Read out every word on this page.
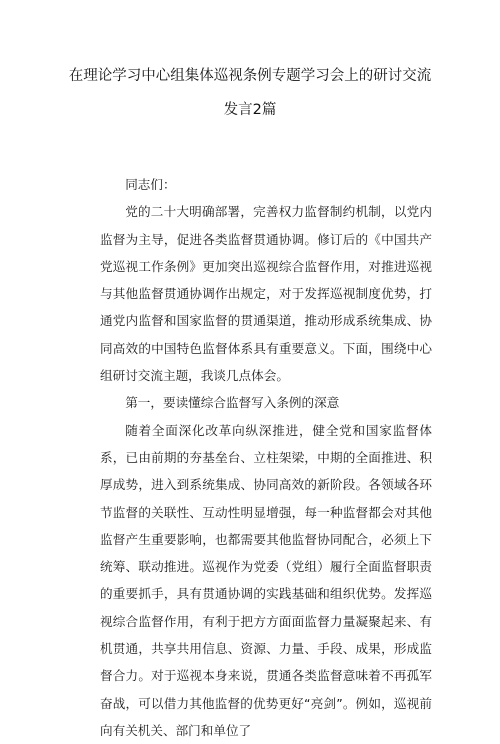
在理论学习中心组集体巡视条例专题学习会上的研讨交流
发言2篇

同志们：

党的二十大明确部署，完善权力监督制约机制，以党内监督为主导，促进各类监督贯通协调。修订后的《中国共产党巡视工作条例》更加突出巡视综合监督作用，对推进巡视与其他监督贯通协调作出规定，对于发挥巡视制度优势，打通党内监督和国家监督的贯通渠道，推动形成系统集成、协同高效的中国特色监督体系具有重要意义。下面，围绕中心组研讨交流主题，我谈几点体会。

第一，要读懂综合监督写入条例的深意

随着全面深化改革向纵深推进，健全党和国家监督体系，已由前期的夯基垒台、立柱架梁，中期的全面推进、积厚成势，进入到系统集成、协同高效的新阶段。各领域各环节监督的关联性、互动性明显增强，每一种监督都会对其他监督产生重要影响，也都需要其他监督协同配合，必须上下统筹、联动推进。巡视作为党委（党组）履行全面监督职责的重要抓手，具有贯通协调的实践基础和组织优势。发挥巡视综合监督作用，有利于把方方面面监督力量凝聚起来、有机贯通，共享共用信息、资源、力量、手段、成果，形成监督合力。对于巡视本身来说，贯通各类监督意味着不再孤军奋战，可以借力其他监督的优势更好“亮剑”。例如，巡视前向有关机关、部门和单位了
